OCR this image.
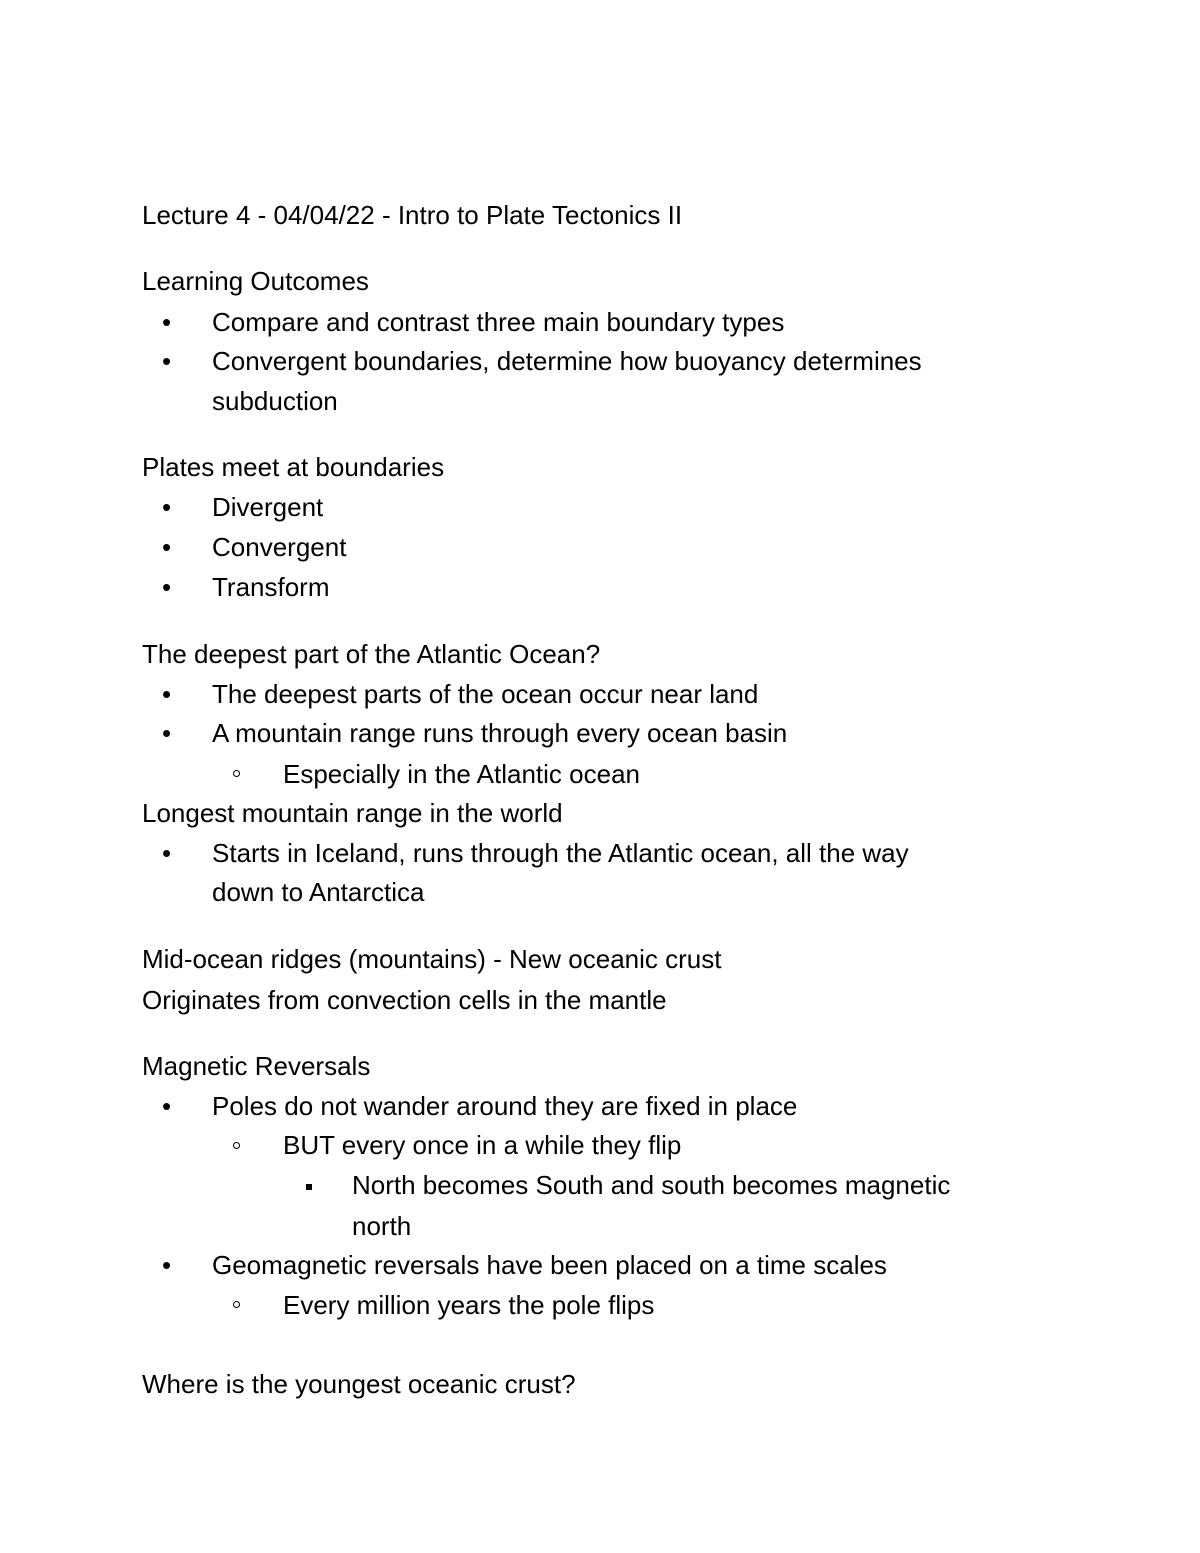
Lecture 4 - 04/04/22 - Intro to Plate Tectonics II

Learning Outcomes

• Compare and contrast three main boundary types

• Convergent boundaries, determine how buoyancy determines

subduction

Plates meet at boundaries

• Divergent

• Convergent

• Transform

The deepest part of the Atlantic Ocean?

• The deepest parts of the ocean occur near land

• A mountain range runs through every ocean basin

Especially in the Atlantic ocean

Longest mountain range in the world

• Starts in Iceland, runs through the Atlantic ocean, all the way

down to Antarctica

Mid-ocean ridges (mountains) - New oceanic crust

Originates from convection cells in the mantle

Magnetic Reversals

• Poles do not wander around they are fixed in place

BUT every once in a while they flip

North becomes South and south becomes magnetic

north

• Geomagnetic reversals have been placed on a time scales

Every million years the pole flips

Where is the youngest oceanic crust?
